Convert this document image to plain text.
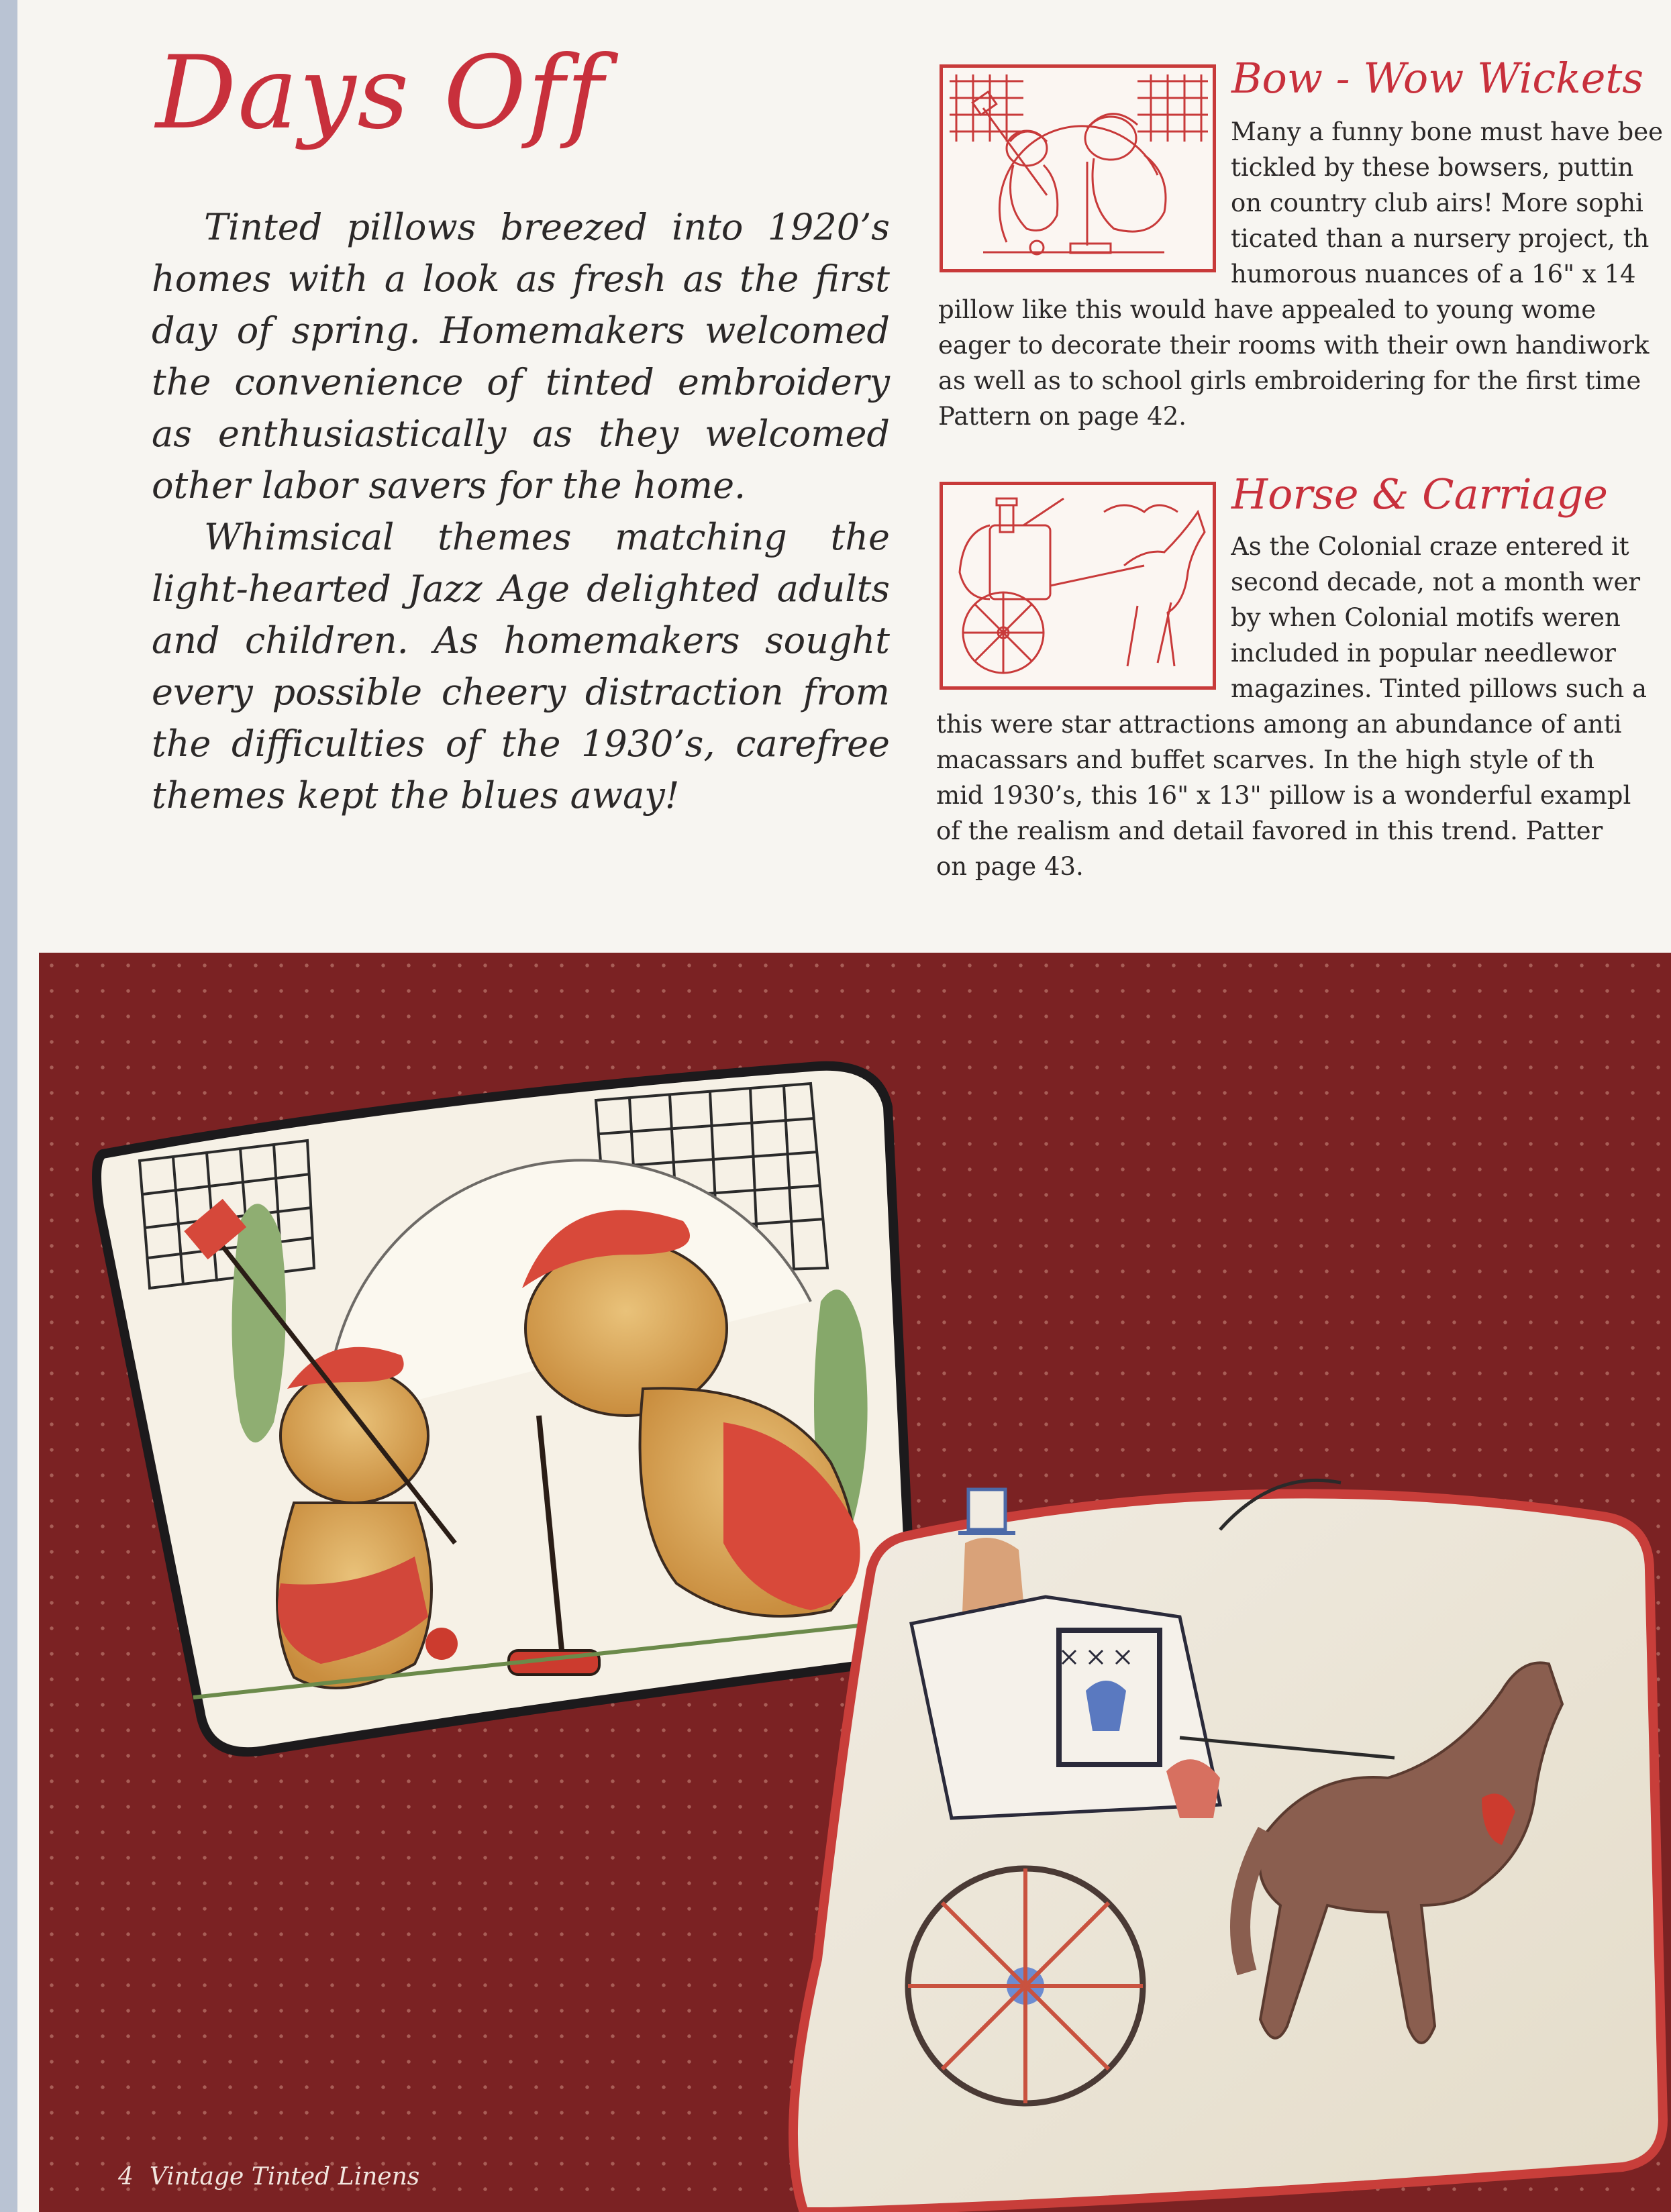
Days Off

Tinted pillows breezed into 1920’s homes with a look as fresh as the first day of spring. Homemakers welcomed the convenience of tinted embroidery as enthusiastically as they welcomed other labor savers for the home.

Whimsical themes matching the light-hearted Jazz Age delighted adults and children. As homemakers sought every possible cheery distraction from the difficulties of the 1930’s, carefree themes kept the blues away!

Bow - Wow Wickets
Many a funny bone must have bee
tickled by these bowsers, puttin
on country club airs! More sophi
ticated than a nursery project, th
humorous nuances of a 16" x 14
pillow like this would have appealed to young wome
eager to decorate their rooms with their own handiwork
as well as to school girls embroidering for the first time
Pattern on page 42.
Horse & Carriage
As the Colonial craze entered it
second decade, not a month wer
by when Colonial motifs weren
included in popular needlewor
magazines. Tinted pillows such a
this were star attractions among an abundance of anti
macassars and buffet scarves. In the high style of th
mid 1930’s, this 16" x 13" pillow is a wonderful exampl
of the realism and detail favored in this trend. Patter
on page 43.
4 Vintage Tinted Linens
